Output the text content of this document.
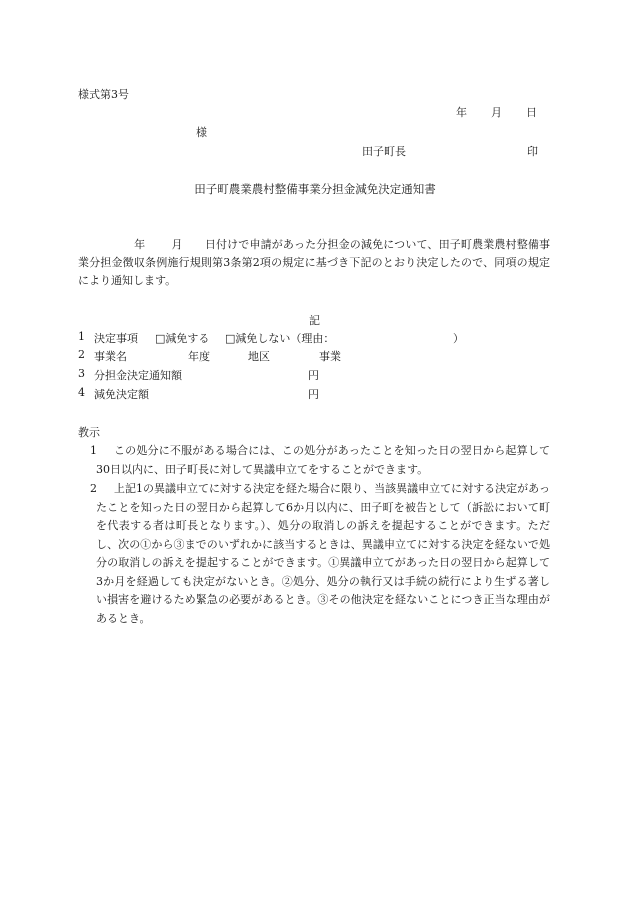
様式第3号
年 月 日
様
田子町長	印
田子町農業農村整備事業分担金減免決定通知書
年 月 日付けで申請があった分担金の減免について、田子町農業農村整備事業分担金徴収条例施行規則第3条第2項の規定に基づき下記のとおり決定したので、同項の規定により通知します。
記
1 決定事項 □減免する □減免しない（理由：	）
2 事業名	年度	地区	事業
3 分担金決定通知額	円
4 減免決定額	円
教示
1	この処分に不服がある場合には、この処分があったことを知った日の翌日から起算して30日以内に、田子町長に対して異議申立てをすることができます。
2	上記1の異議申立てに対する決定を経た場合に限り、当該異議申立てに対する決定があったことを知った日の翌日から起算して6か月以内に、田子町を被告として（訴訟において町を代表する者は町長となります。）、処分の取消しの訴えを提起することができます。ただし、次の①から③までのいずれかに該当するときは、異議申立てに対する決定を経ないで処分の取消しの訴えを提起することができます。①異議申立てがあった日の翌日から起算して3か月を経過しても決定がないとき。②処分、処分の執行又は手続の続行により生ずる著しい損害を避けるため緊急の必要があるとき。③その他決定を経ないことにつき正当な理由があるとき。
